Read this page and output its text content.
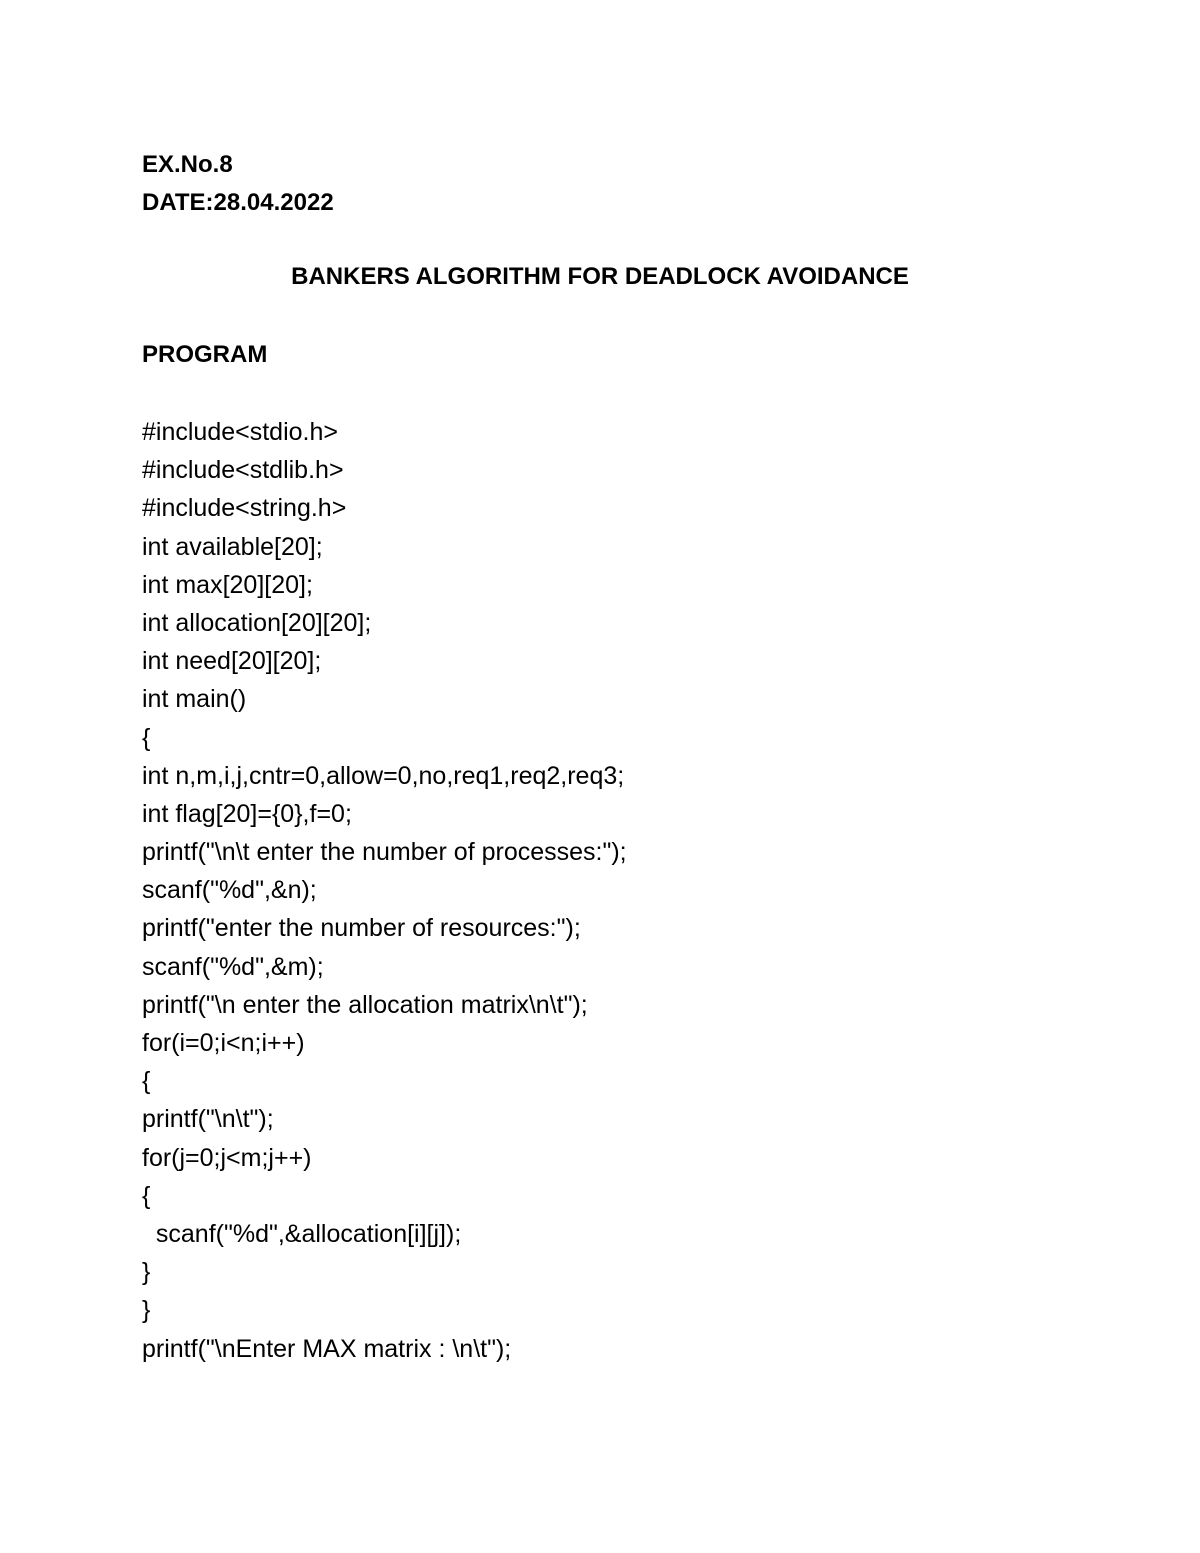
EX.No.8
DATE:28.04.2022
BANKERS ALGORITHM FOR DEADLOCK AVOIDANCE
PROGRAM
#include<stdio.h>
#include<stdlib.h>
#include<string.h>
int available[20];
int max[20][20];
int allocation[20][20];
int need[20][20];
int main()
{
int n,m,i,j,cntr=0,allow=0,no,req1,req2,req3;
int flag[20]={0},f=0;
printf("\n\t enter the number of processes:");
scanf("%d",&n);
printf("enter the number of resources:");
scanf("%d",&m);
printf("\n enter the allocation matrix\n\t");
for(i=0;i<n;i++)
{
printf("\n\t");
for(j=0;j<m;j++)
{
scanf("%d",&allocation[i][j]);
}
}
printf("\nEnter MAX matrix : \n\t");
